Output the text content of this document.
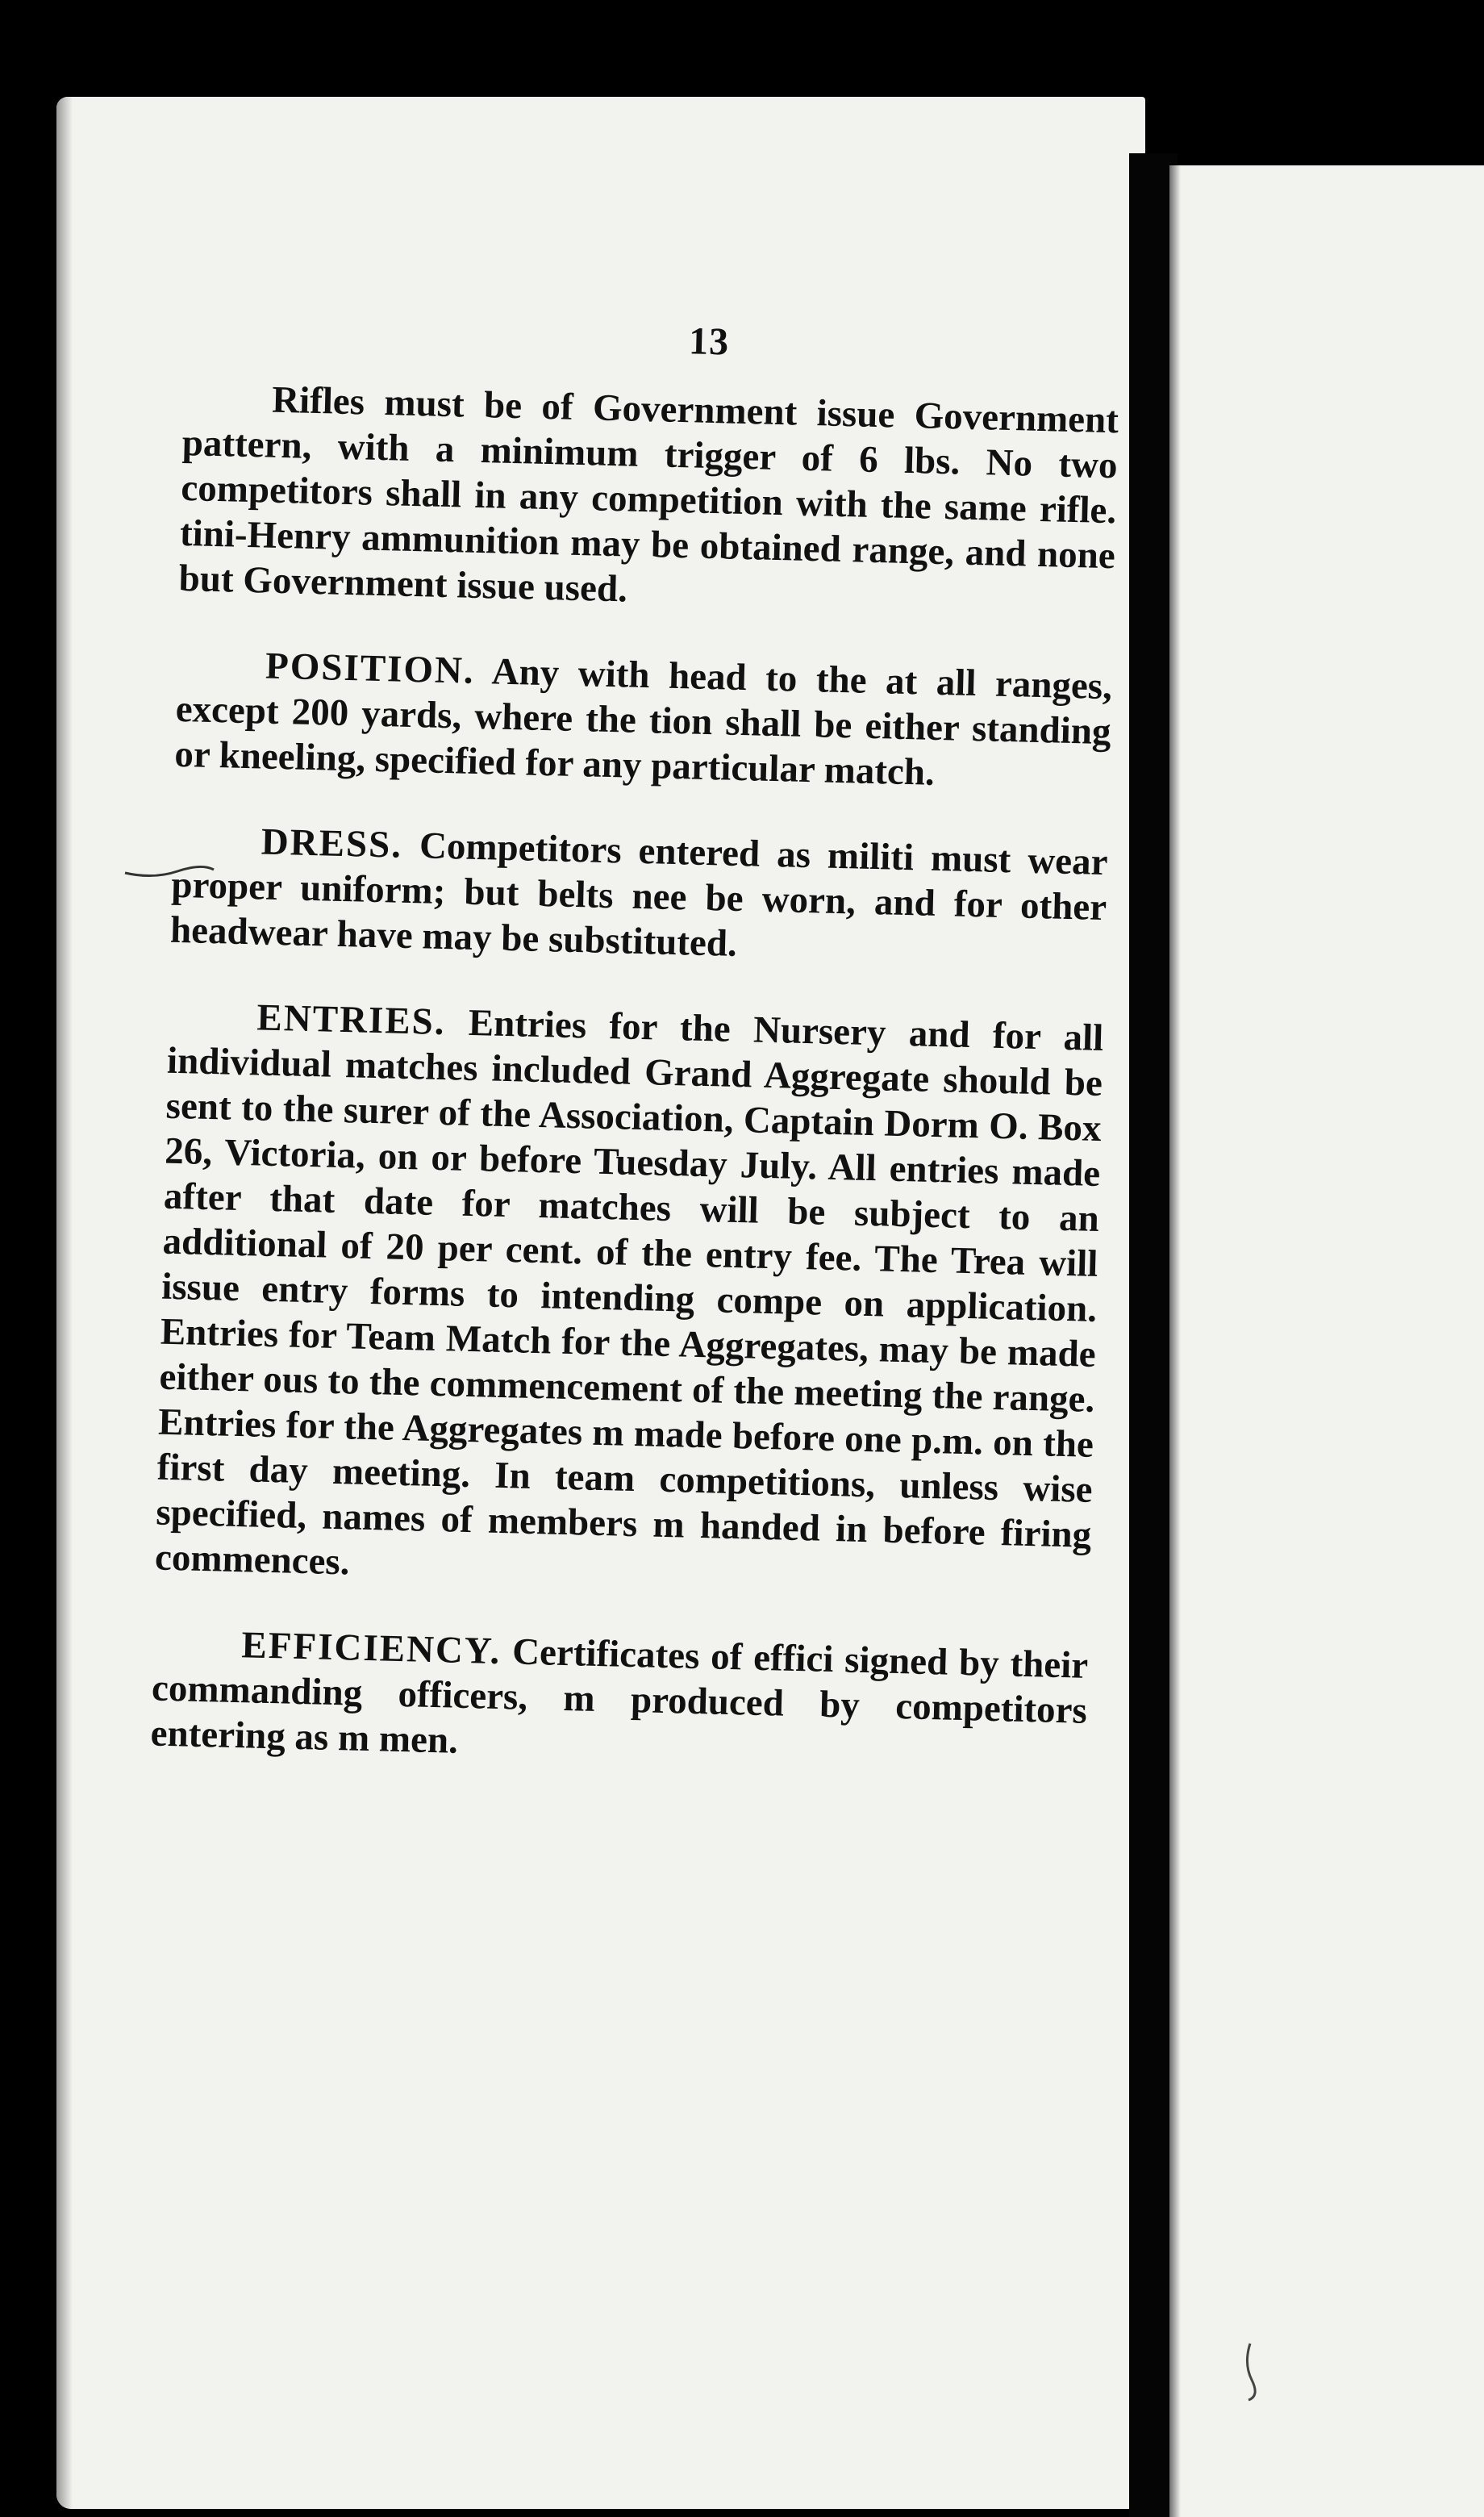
13

Rifles must be of Government issue Government pattern, with a minimum trigger of 6 lbs. No two competitors shall in any competition with the same rifle. tini-Henry ammunition may be obtained range, and none but Government issue used.

POSITION. Any with head to the at all ranges, except 200 yards, where the tion shall be either standing or kneeling, specified for any particular match.

DRESS. Competitors entered as militi must wear proper uniform; but belts nee be worn, and for other headwear have may be substituted.

ENTRIES. Entries for the Nursery and for all individual matches included Grand Aggregate should be sent to the surer of the Association, Captain Dorm O. Box 26, Victoria, on or before Tuesday July. All entries made after that date for matches will be subject to an additional of 20 per cent. of the entry fee. The Trea will issue entry forms to intending compe on application. Entries for Team Match for the Aggregates, may be made either ous to the commencement of the meeting the range. Entries for the Aggregates m made before one p.m. on the first day meeting. In team competitions, unless wise specified, names of members m handed in before firing commences.

EFFICIENCY. Certificates of effici signed by their commanding officers, m produced by competitors entering as m men.
